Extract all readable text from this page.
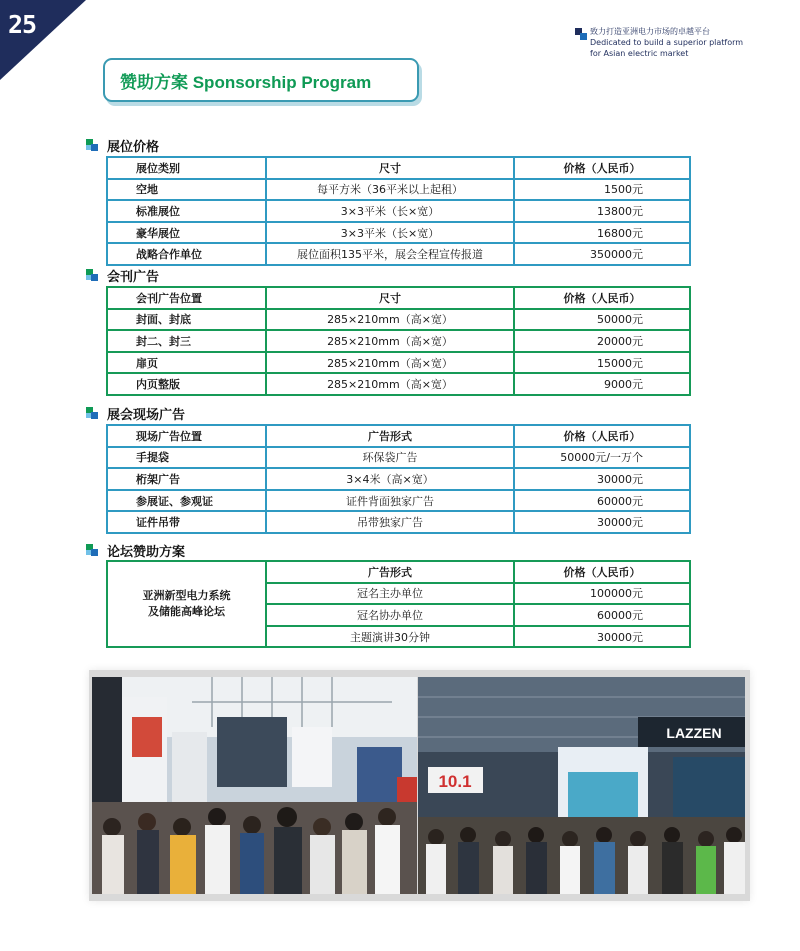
25	致力打造亚洲电力市场的卓越平台
Dedicated to build a superior platform
for Asian electric market
赞助方案 Sponsorship Program
展位价格
展位类别	尺寸	价格（人民币）
空地	每平方米（36平米以上起租）	1500元
标准展位	3×3平米（长×宽）	13800元
豪华展位	3×3平米（长×宽）	16800元
战略合作单位	展位面积135平米，展会全程宣传报道	350000元
会刊广告
会刊广告位置	尺寸	价格（人民币）
封面、封底	285×210mm（高×宽）	50000元
封二、封三	285×210mm（高×宽）	20000元
扉页	285×210mm（高×宽）	15000元
内页整版	285×210mm（高×宽）	9000元
展会现场广告
现场广告位置	广告形式	价格（人民币）
手提袋	环保袋广告	50000元/一万个
桁架广告	3×4米（高×宽）	30000元
参展证、参观证	证件背面独家广告	60000元
证件吊带	吊带独家广告	30000元
论坛赞助方案
亚洲新型电力系统
及储能高峰论坛	广告形式	价格（人民币）
	冠名主办单位	100000元
	冠名协办单位	60000元
	主题演讲30分钟	30000元
10.1
LAZZEN
